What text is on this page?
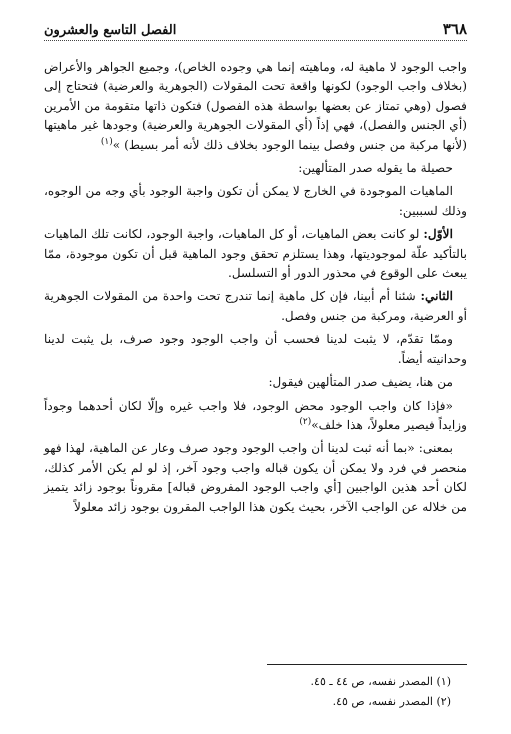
٣٦٨
الفصل التاسع والعشرون

واجب الوجود لا ماهية له، وماهيته إنما هي وجوده الخاص)، وجميع الجواهر والأعراض (بخلاف واجب الوجود) لكونها واقعة تحت المقولات (الجوهرية والعرضية) فتحتاج إلى فصول (وهي تمتاز عن بعضها بواسطة هذه الفصول) فتكون ذاتها متقومة من الأمرين (أي الجنس والفصل)، فهي إذاً (أي المقولات الجوهرية والعرضية) وجودها غير ماهيتها (لأنها مركبة من جنس وفصل بينما الوجود بخلاف ذلك لأنه أمر بسيط) »$^{(١)}$

حصيلة ما يقوله صدر المتألهين:

الماهيات الموجودة في الخارج لا يمكن أن تكون واجبة الوجود بأي وجه من الوجوه، وذلك لسببين:

الأوّل: لو كانت بعض الماهيات، أو كل الماهيات، واجبة الوجود، لكانت تلك الماهيات بالتأكيد علّة لموجوديتها، وهذا يستلزم تحقق وجود الماهية قبل أن تكون موجودة، ممّا يبعث على الوقوع في محذور الدور أو التسلسل.

الثاني: شئنا أم أبينا، فإن كل ماهية إنما تندرج تحت واحدة من المقولات الجوهرية أو العرضية، ومركبة من جنس وفصل.

وممّا تقدّم، لا يثبت لدينا فحسب أن واجب الوجود وجود صرف، بل يثبت لدينا وحدانيته أيضاً.

من هنا، يضيف صدر المتألهين فيقول:

«فإذا كان واجب الوجود محض الوجود، فلا واجب غيره وإلّا لكان أحدهما وجوداً وزايداً فيصير معلولاً، هذا خلف»$^{(٢)}$

بمعنى: «بما أنه ثبت لدينا أن واجب الوجود وجود صرف وعار عن الماهية، لهذا فهو منحصر في فرد ولا يمكن أن يكون قباله واجب وجود آخر، إذ لو لم يكن الأمر كذلك، لكان أحد هذين الواجبين [أي واجب الوجود المفروض قباله] مقروناً بوجود زائد يتميز من خلاله عن الواجب الآخر، بحيث يكون هذا الواجب المقرون بوجود زائد معلولاً

(١) المصدر نفسه، ص ٤٤ ـ ٤٥.
(٢) المصدر نفسه، ص ٤٥.
